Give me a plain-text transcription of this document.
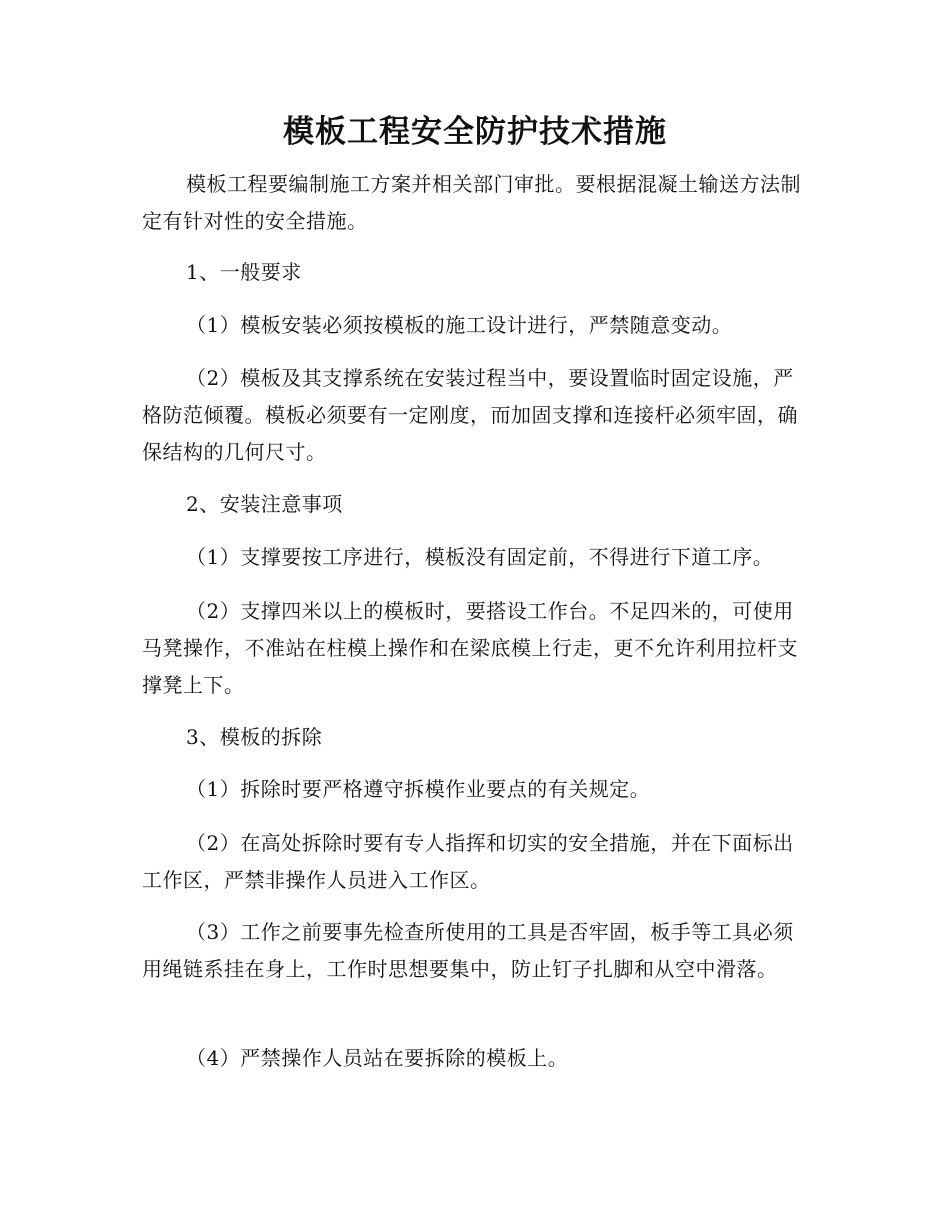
模板工程安全防护技术措施

模板工程要编制施工方案并相关部门审批。要根据混凝土输送方法制定有针对性的安全措施。

1、一般要求

（1）模板安装必须按模板的施工设计进行，严禁随意变动。

（2）模板及其支撑系统在安装过程当中，要设置临时固定设施，严格防范倾覆。模板必须要有一定刚度，而加固支撑和连接杆必须牢固，确保结构的几何尺寸。

2、安装注意事项

（1）支撑要按工序进行，模板没有固定前，不得进行下道工序。

（2）支撑四米以上的模板时，要搭设工作台。不足四米的，可使用马凳操作，不准站在柱模上操作和在梁底模上行走，更不允许利用拉杆支撑凳上下。

3、模板的拆除

（1）拆除时要严格遵守拆模作业要点的有关规定。

（2）在高处拆除时要有专人指挥和切实的安全措施，并在下面标出工作区，严禁非操作人员进入工作区。

（3）工作之前要事先检查所使用的工具是否牢固，板手等工具必须用绳链系挂在身上，工作时思想要集中，防止钉子扎脚和从空中滑落。

（4）严禁操作人员站在要拆除的模板上。
